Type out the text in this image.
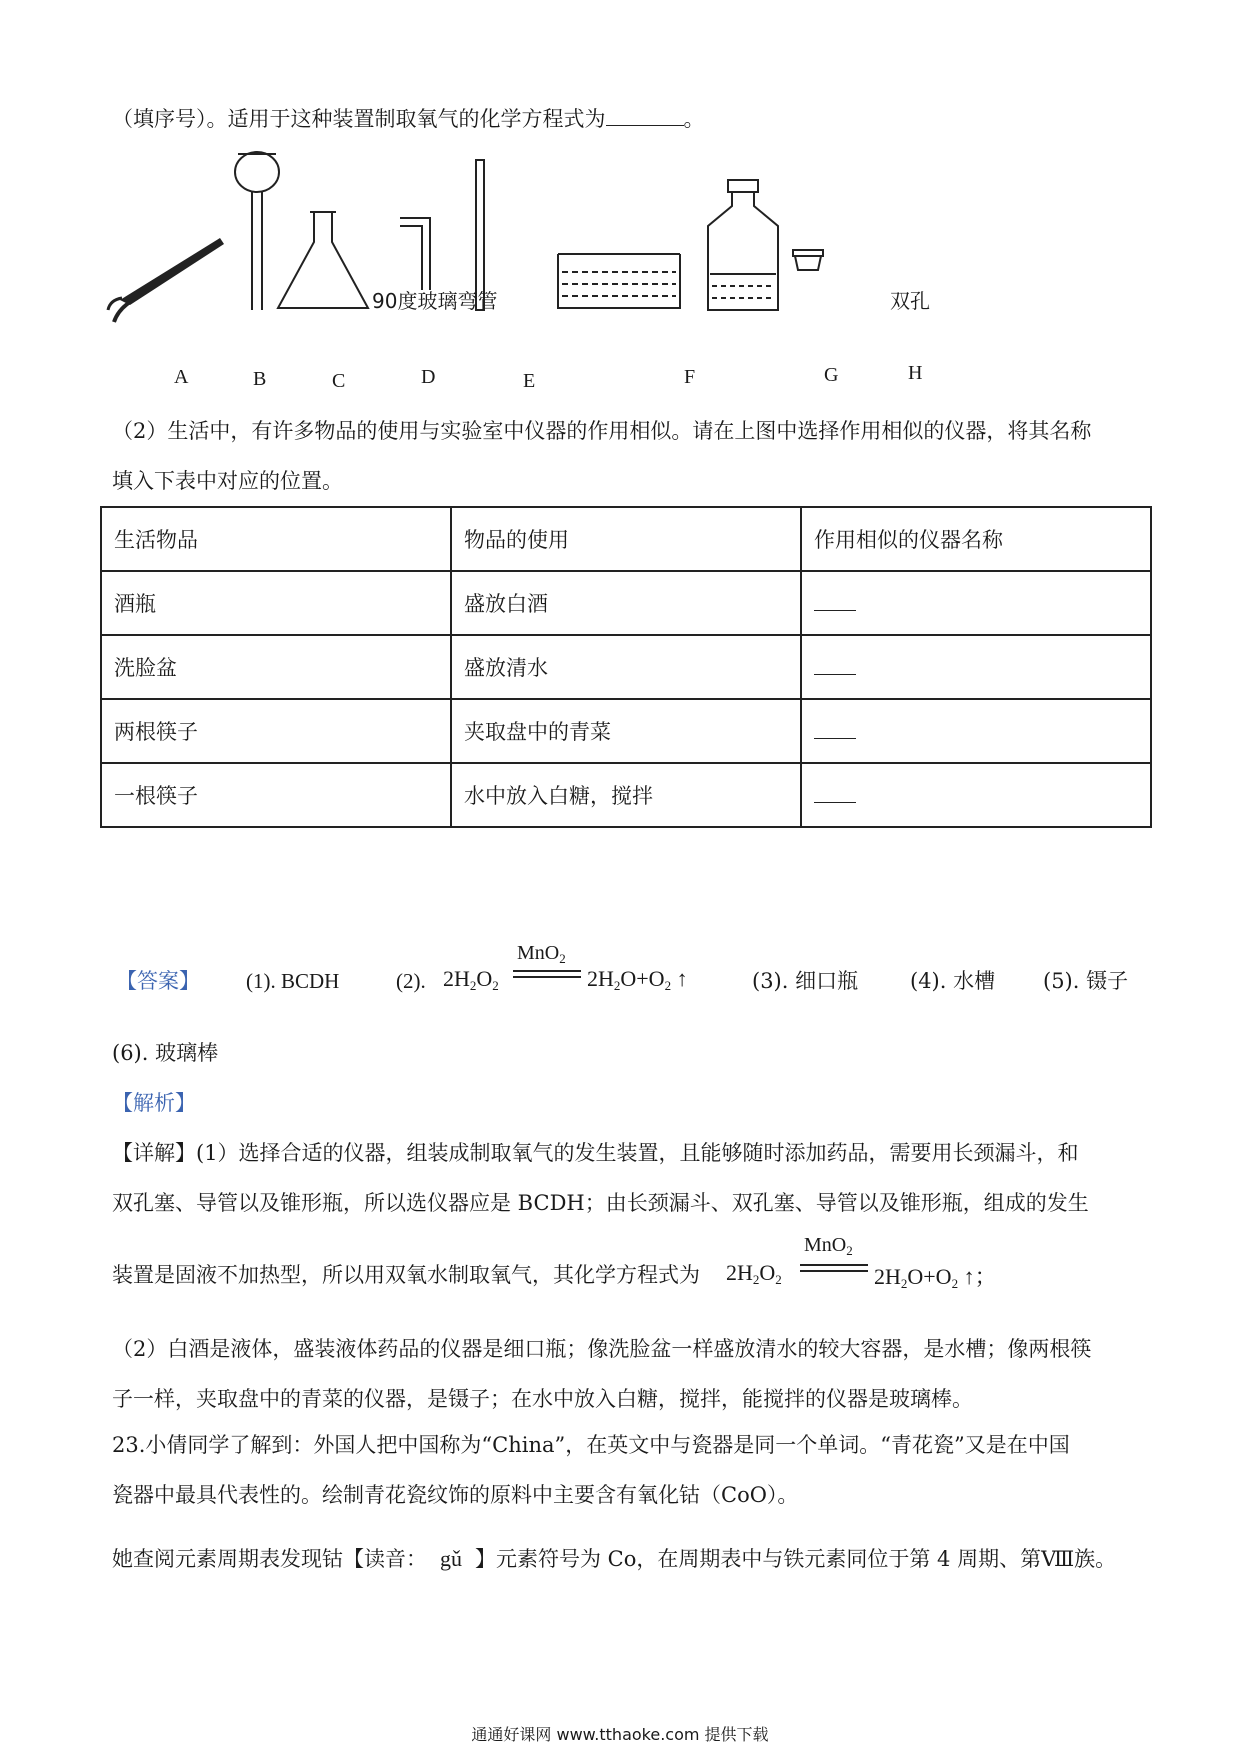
（填序号）。适用于这种装置制取氧气的化学方程式为	。
90度玻璃弯管	双孔
A	B	C	D	E	F	G	H
（2）生活中，有许多物品的使用与实验室中仪器的作用相似。请在上图中选择作用相似的仪器，将其名称
填入下表中对应的位置。
生活物品	物品的使用	作用相似的仪器名称
酒瓶	盛放白酒	
洗脸盆	盛放清水	
两根筷子	夹取盘中的青菜	
一根筷子	水中放入白糖，搅拌	
【答案】 (1). BCDH	(2). $2H_2O_2$
MnO$_2$
$2H_2O+O_2$ ↑	(3). 细口瓶 (4). 水槽 (5). 镊子
(6). 玻璃棒
【解析】
【详解】(1）选择合适的仪器，组装成制取氧气的发生装置，且能够随时添加药品，需要用长颈漏斗，和
双孔塞、导管以及锥形瓶，所以选仪器应是 BCDH；由长颈漏斗、双孔塞、导管以及锥形瓶，组成的发生
装置是固液不加热型，所以用双氧水制取氧气，其化学方程式为 $2H_2O_2$
MnO$_2$
$2H_2O+O_2$ ↑；
（2）白酒是液体，盛装液体药品的仪器是细口瓶；像洗脸盆一样盛放清水的较大容器，是水槽；像两根筷
子一样，夹取盘中的青菜的仪器，是镊子；在水中放入白糖，搅拌，能搅拌的仪器是玻璃棒。
23.小倩同学了解到：外国人把中国称为“China”，在英文中与瓷器是同一个单词。“青花瓷”又是在中国
瓷器中最具代表性的。绘制青花瓷纹饰的原料中主要含有氧化钴（CoO）。
她查阅元素周期表发现钴【读音： gǔ 】元素符号为 Co，在周期表中与铁元素同位于第 4 周期、第Ⅷ族。
通通好课网 www.tthaoke.com 提供下载
